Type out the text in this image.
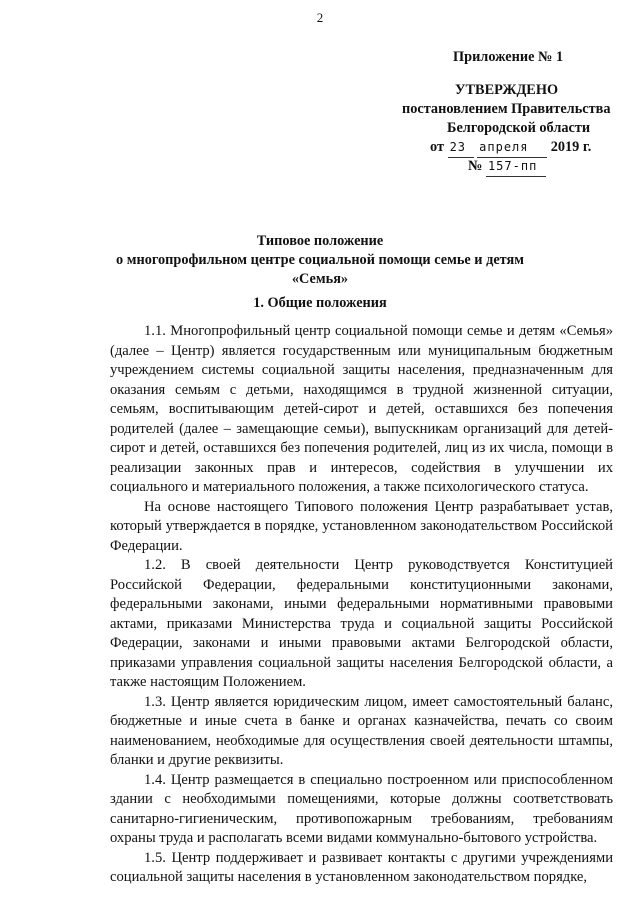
2
Приложение № 1
УТВЕРЖДЕНО
постановлением Правительства
Белгородской области
от 23 апреля 2019 г.
№ 157-пп
Типовое положение
о многопрофильном центре социальной помощи семье и детям
«Семья»
1. Общие положения

1.1. Многопрофильный центр социальной помощи семье и детям «Семья» (далее – Центр) является государственным или муниципальным бюджетным учреждением системы социальной защиты населения, предназначенным для оказания семьям с детьми, находящимся в трудной жизненной ситуации, семьям, воспитывающим детей-сирот и детей, оставшихся без попечения родителей (далее – замещающие семьи), выпускникам организаций для детей-сирот и детей, оставшихся без попечения родителей, лиц из их числа, помощи в реализации законных прав и интересов, содействия в улучшении их социального и материального положения, а также психологического статуса.

На основе настоящего Типового положения Центр разрабатывает устав, который утверждается в порядке, установленном законодательством Российской Федерации.

1.2. В своей деятельности Центр руководствуется Конституцией Российской Федерации, федеральными конституционными законами, федеральными законами, иными федеральными нормативными правовыми актами, приказами Министерства труда и социальной защиты Российской Федерации, законами и иными правовыми актами Белгородской области, приказами управления социальной защиты населения Белгородской области, а также настоящим Положением.

1.3. Центр является юридическим лицом, имеет самостоятельный баланс, бюджетные и иные счета в банке и органах казначейства, печать со своим наименованием, необходимые для осуществления своей деятельности штампы, бланки и другие реквизиты.

1.4. Центр размещается в специально построенном или приспособленном здании с необходимыми помещениями, которые должны соответствовать санитарно-гигиеническим, противопожарным требованиям, требованиям охраны труда и располагать всеми видами коммунально-бытового устройства.

1.5. Центр поддерживает и развивает контакты с другими учреждениями социальной защиты населения в установленном законодательством порядке,
